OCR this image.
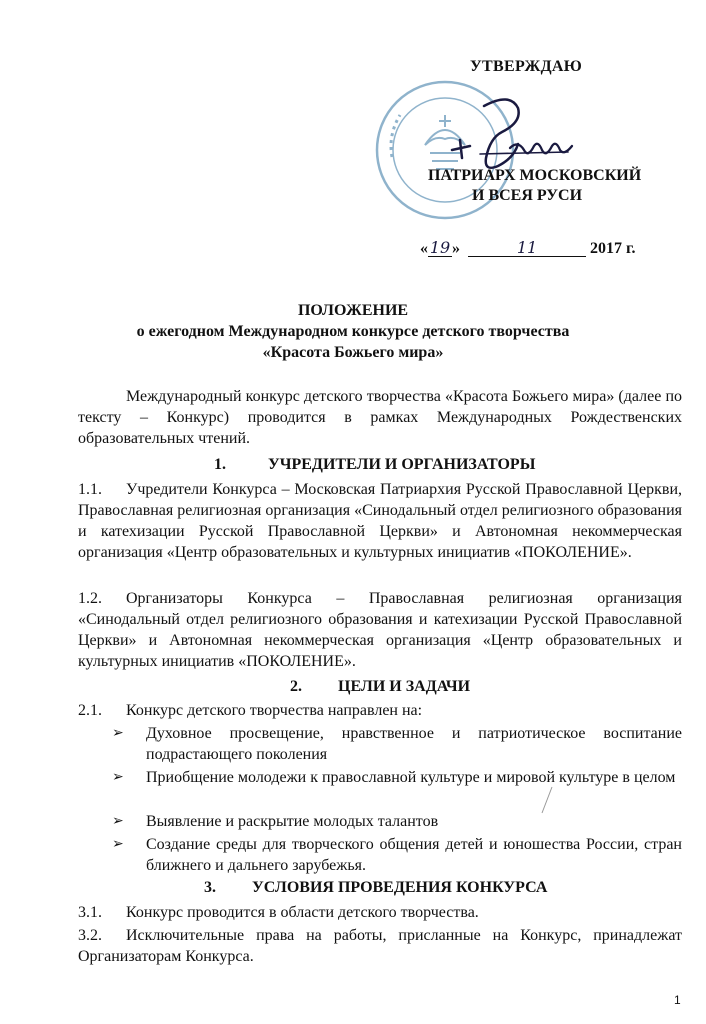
УТВЕРЖДАЮ
ПАТРИАРХ МОСКОВСКИЙ
И ВСЕЯ РУСИ
« 19 »	11	2017 г.
ПОЛОЖЕНИЕ
о ежегодном Международном конкурсе детского творчества
«Красота Божьего мира»
Международный конкурс детского творчества «Красота Божьего мира» (далее по тексту – Конкурс) проводится в рамках Международных Рождественских образовательных чтений.
1.	УЧРЕДИТЕЛИ И ОРГАНИЗАТОРЫ
1.1. Учредители Конкурса – Московская Патриархия Русской Православной Церкви, Православная религиозная организация «Синодальный отдел религиозного образования и катехизации Русской Православной Церкви» и Автономная некоммерческая организация «Центр образовательных и культурных инициатив «ПОКОЛЕНИЕ».
1.2. Организаторы Конкурса – Православная религиозная организация «Синодальный отдел религиозного образования и катехизации Русской Православной Церкви» и Автономная некоммерческая организация «Центр образовательных и культурных инициатив «ПОКОЛЕНИЕ».
2. ЦЕЛИ И ЗАДАЧИ
2.1. Конкурс детского творчества направлен на:
➢ Духовное просвещение, нравственное и патриотическое воспитание подрастающего поколения
➢ Приобщение молодежи к православной культуре и мировой культуре в целом
➢ Выявление и раскрытие молодых талантов
➢ Создание среды для творческого общения детей и юношества России, стран ближнего и дальнего зарубежья.
3. УСЛОВИЯ ПРОВЕДЕНИЯ КОНКУРСА
3.1. Конкурс проводится в области детского творчества.
3.2. Исключительные права на работы, присланные на Конкурс, принадлежат Организаторам Конкурса.
1
